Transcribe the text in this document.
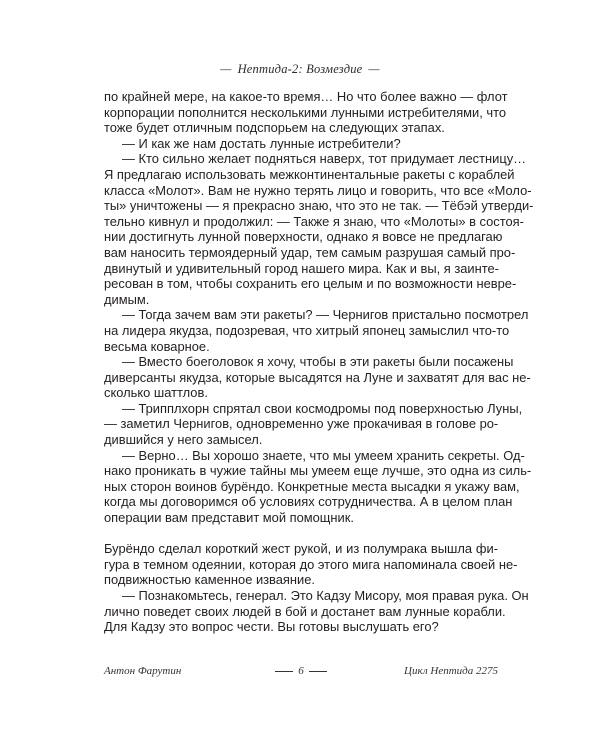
— Нептида-2: Возмездие —
по крайней мере, на какое-то время… Но что более важно — флот
корпорации пополнится несколькими лунными истребителями, что
тоже будет отличным подспорьем на следующих этапах.
— И как же нам достать лунные истребители?
— Кто сильно желает подняться наверх, тот придумает лестницу…
Я предлагаю использовать межконтинентальные ракеты с кораблей
класса «Молот». Вам не нужно терять лицо и говорить, что все «Моло-
ты» уничтожены — я прекрасно знаю, что это не так. — Тёбэй утверди-
тельно кивнул и продолжил: — Также я знаю, что «Молоты» в состоя-
нии достигнуть лунной поверхности, однако я вовсе не предлагаю
вам наносить термоядерный удар, тем самым разрушая самый про-
двинутый и удивительный город нашего мира. Как и вы, я заинте-
ресован в том, чтобы сохранить его целым и по возможности невре-
димым.
— Тогда зачем вам эти ракеты? — Чернигов пристально посмотрел
на лидера якудза, подозревая, что хитрый японец замыслил что-то
весьма коварное.
— Вместо боеголовок я хочу, чтобы в эти ракеты были посажены
диверсанты якудза, которые высадятся на Луне и захватят для вас не-
сколько шаттлов.
— Трипплхорн спрятал свои космодромы под поверхностью Луны,
— заметил Чернигов, одновременно уже прокачивая в голове ро-
дившийся у него замысел.
— Верно… Вы хорошо знаете, что мы умеем хранить секреты. Од-
нако проникать в чужие тайны мы умеем еще лучше, это одна из силь-
ных сторон воинов бурёндо. Конкретные места высадки я укажу вам,
когда мы договоримся об условиях сотрудничества. А в целом план
операции вам представит мой помощник.
Бурёндо сделал короткий жест рукой, и из полумрака вышла фи-
гура в темном одеянии, которая до этого мига напоминала своей не-
подвижностью каменное изваяние.
— Познакомьтесь, генерал. Это Кадзу Мисору, моя правая рука. Он
лично поведет своих людей в бой и достанет вам лунные корабли.
Для Кадзу это вопрос чести. Вы готовы выслушать его?
Антон Фарутин	6	Цикл Нептида 2275
